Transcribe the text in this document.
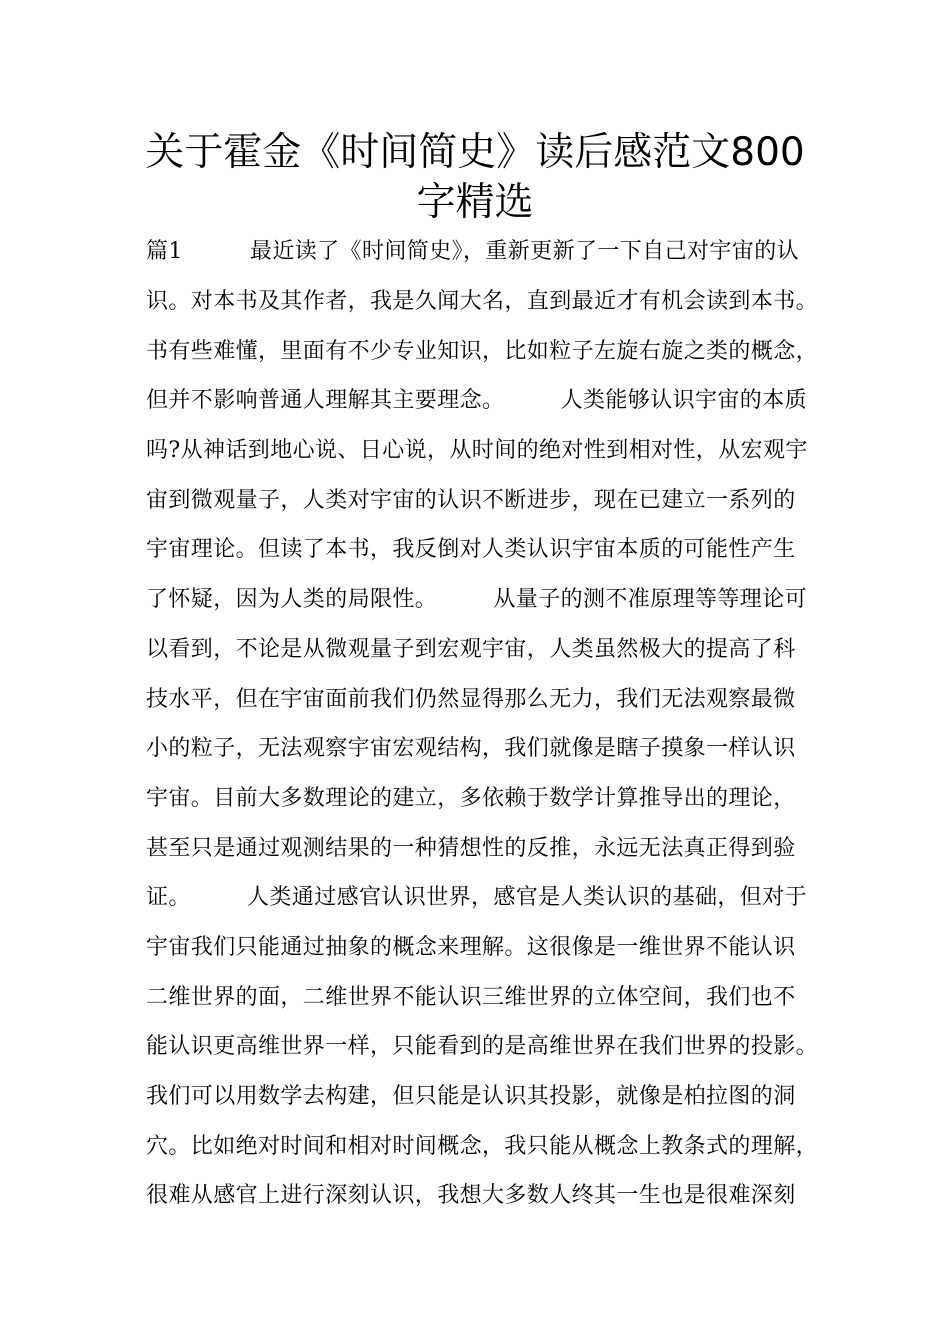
关于霍金《时间简史》读后感范文800
字精选
篇1　　　最近读了《时间简史》，重新更新了一下自己对宇宙的认
识。对本书及其作者，我是久闻大名，直到最近才有机会读到本书。
书有些难懂，里面有不少专业知识，比如粒子左旋右旋之类的概念，
但并不影响普通人理解其主要理念。　　　人类能够认识宇宙的本质
吗?从神话到地心说、日心说，从时间的绝对性到相对性，从宏观宇
宙到微观量子，人类对宇宙的认识不断进步，现在已建立一系列的
宇宙理论。但读了本书，我反倒对人类认识宇宙本质的可能性产生
了怀疑，因为人类的局限性。　　　从量子的测不准原理等等理论可
以看到，不论是从微观量子到宏观宇宙，人类虽然极大的提高了科
技水平，但在宇宙面前我们仍然显得那么无力，我们无法观察最微
小的粒子，无法观察宇宙宏观结构，我们就像是瞎子摸象一样认识
宇宙。目前大多数理论的建立，多依赖于数学计算推导出的理论，
甚至只是通过观测结果的一种猜想性的反推，永远无法真正得到验
证。　　　人类通过感官认识世界，感官是人类认识的基础，但对于
宇宙我们只能通过抽象的概念来理解。这很像是一维世界不能认识
二维世界的面，二维世界不能认识三维世界的立体空间，我们也不
能认识更高维世界一样，只能看到的是高维世界在我们世界的投影。
我们可以用数学去构建，但只能是认识其投影，就像是柏拉图的洞
穴。比如绝对时间和相对时间概念，我只能从概念上教条式的理解，
很难从感官上进行深刻认识，我想大多数人终其一生也是很难深刻
